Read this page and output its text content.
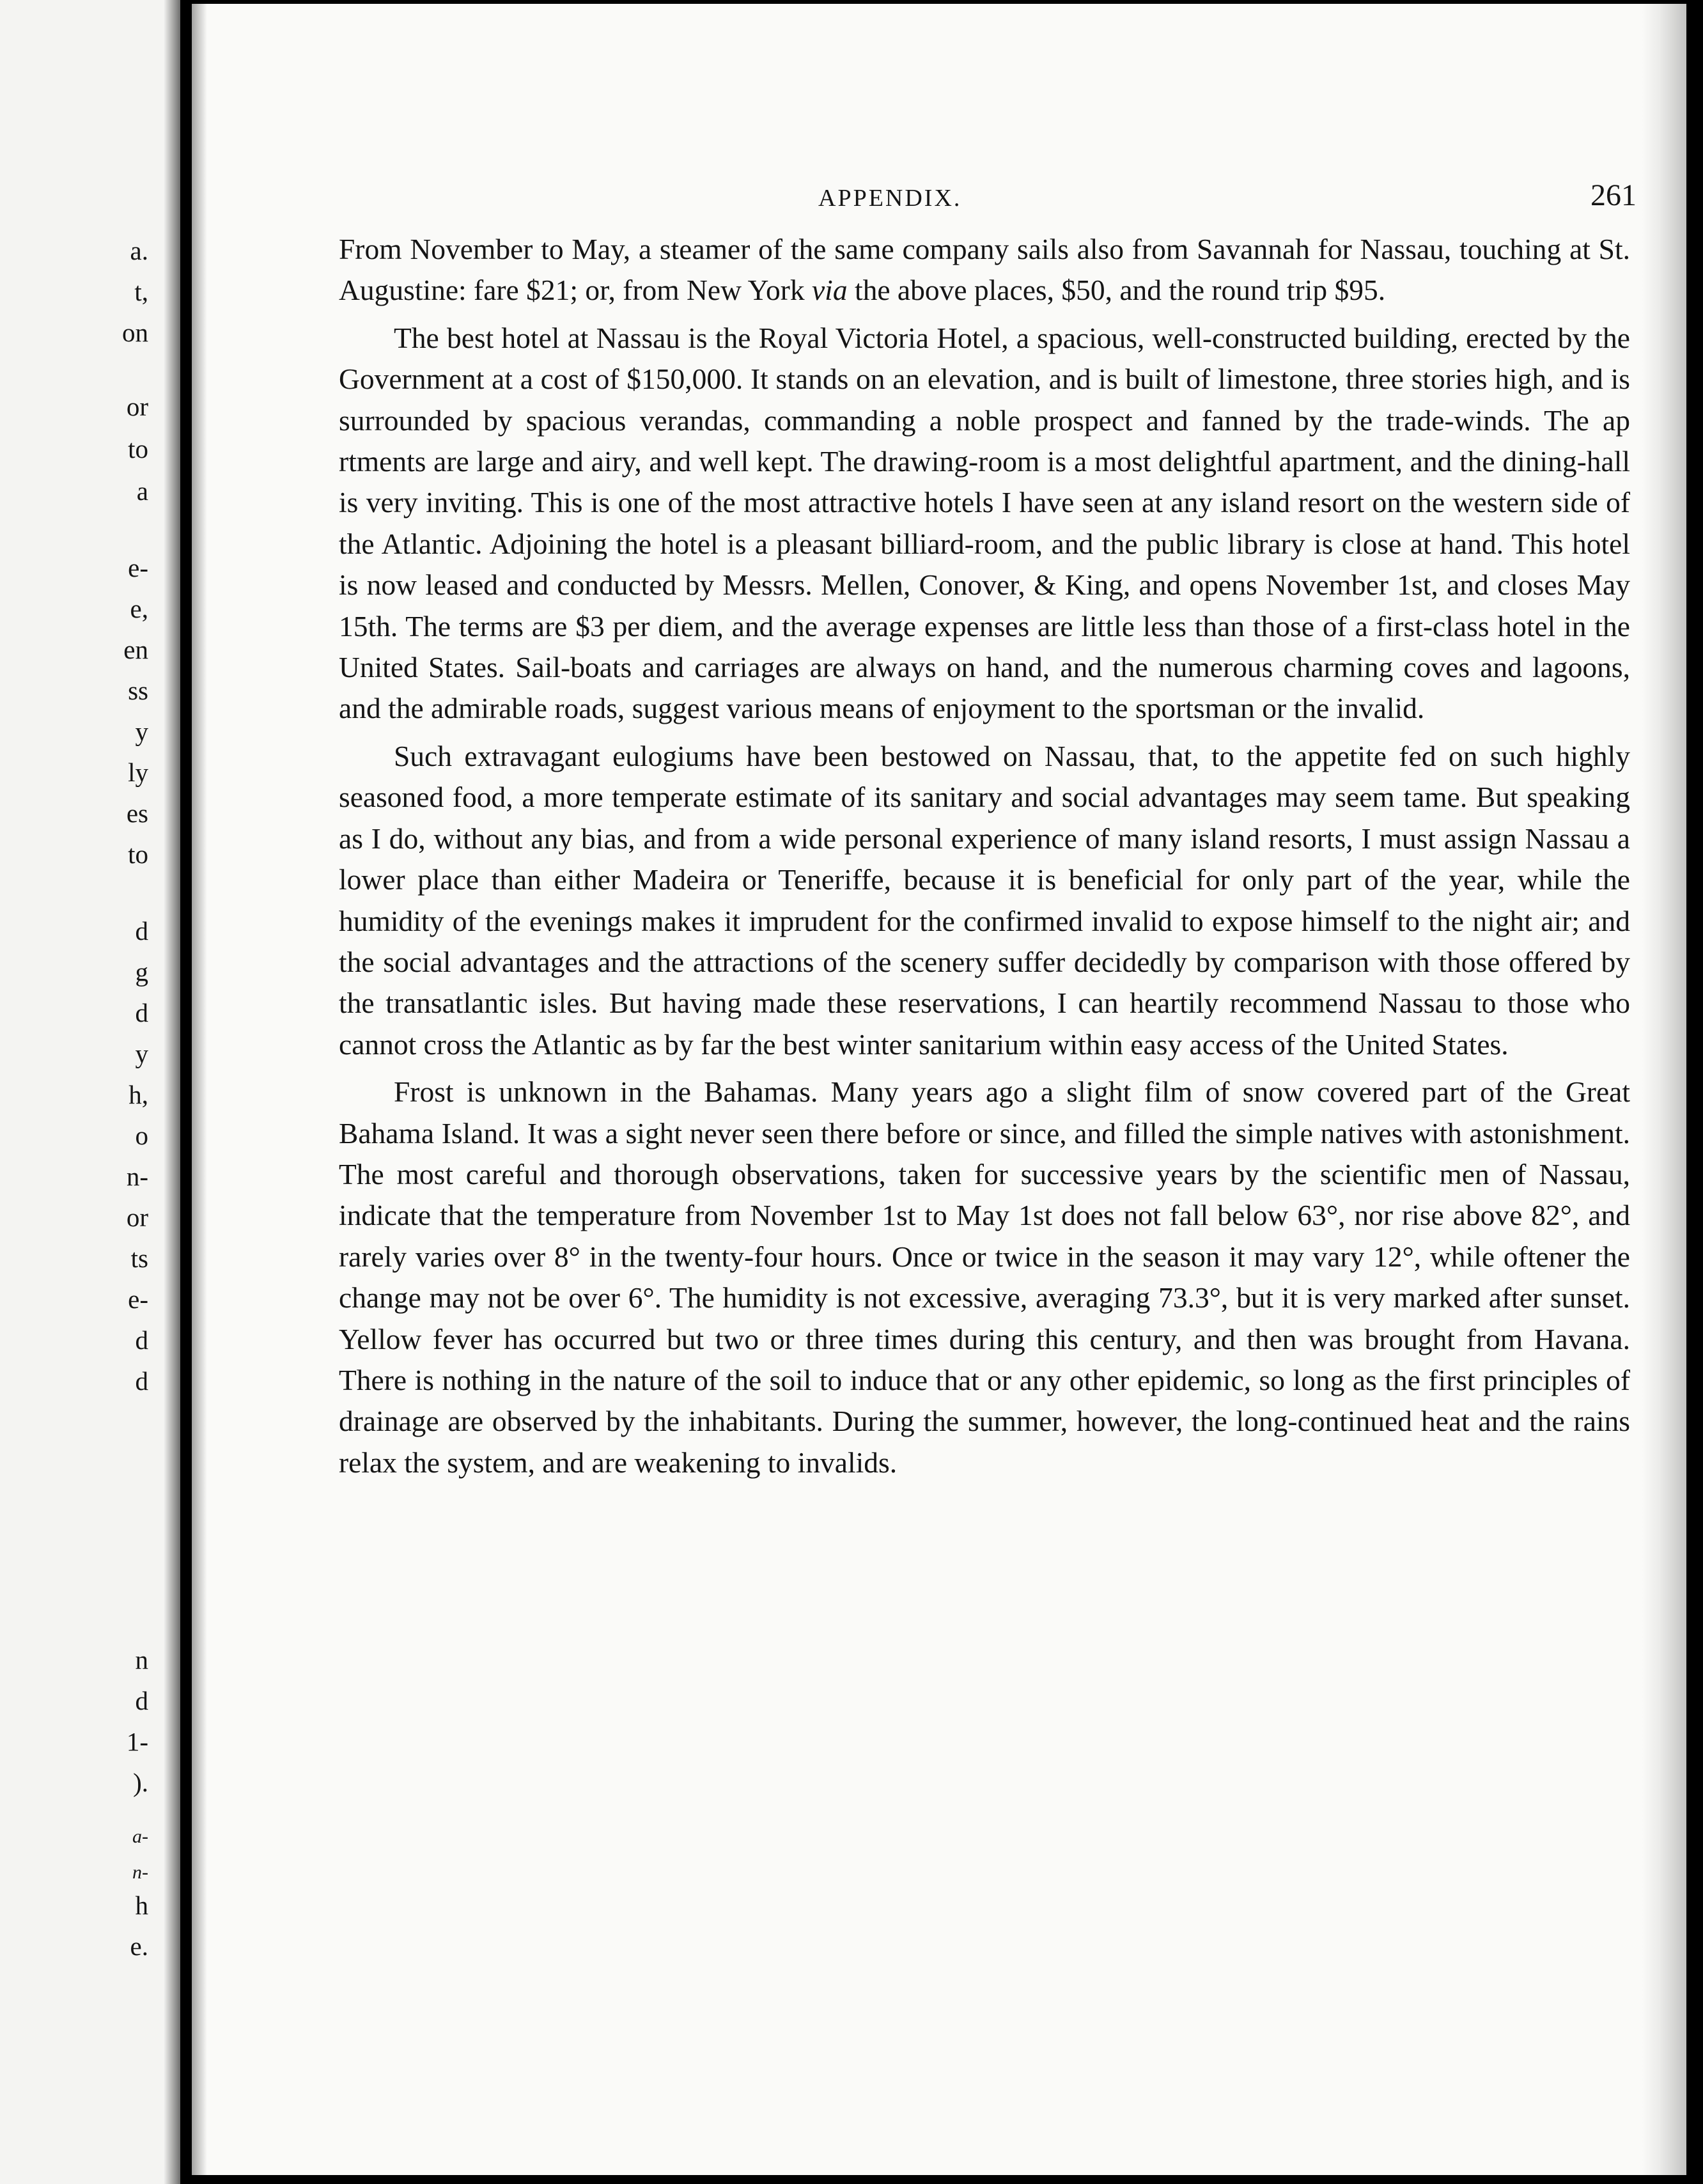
a.
t,
on
or
to
a
e-
e,
en
ss
y
ly
es
to
d
g
d
y
h,
o
n-
or
ts
e-
d
d
n
d
1-
).
a-
n-
h
e.
APPENDIX.	261

From November to May, a steamer of the same company sails also from Savannah for Nassau, touching at St. Augustine: fare $21; or, from New York via the above places, $50, and the round trip $95.

The best hotel at Nassau is the Royal Victoria Hotel, a spacious, well-constructed building, erected by the Government at a cost of $150,000. It stands on an elevation, and is built of limestone, three stories high, and is surrounded by spacious verandas, commanding a noble prospect and fanned by the trade-winds. The ap rtments are large and airy, and well kept. The drawing-room is a most delightful apartment, and the dining-hall is very inviting. This is one of the most attractive hotels I have seen at any island resort on the western side of the Atlantic. Adjoining the hotel is a pleasant billiard-room, and the public library is close at hand. This hotel is now leased and conducted by Messrs. Mellen, Conover, & King, and opens November 1st, and closes May 15th. The terms are $3 per diem, and the average expenses are little less than those of a first-class hotel in the United States. Sail-boats and carriages are always on hand, and the numerous charming coves and lagoons, and the admirable roads, suggest various means of enjoyment to the sportsman or the invalid.

Such extravagant eulogiums have been bestowed on Nassau, that, to the appetite fed on such highly seasoned food, a more temperate estimate of its sanitary and social advantages may seem tame. But speaking as I do, without any bias, and from a wide personal experience of many island resorts, I must assign Nassau a lower place than either Madeira or Teneriffe, because it is beneficial for only part of the year, while the humidity of the evenings makes it imprudent for the confirmed invalid to expose himself to the night air; and the social advantages and the attractions of the scenery suffer decidedly by comparison with those offered by the transatlantic isles. But having made these reservations, I can heartily recommend Nassau to those who cannot cross the Atlantic as by far the best winter sanitarium within easy access of the United States.

Frost is unknown in the Bahamas. Many years ago a slight film of snow covered part of the Great Bahama Island. It was a sight never seen there before or since, and filled the simple natives with astonishment. The most careful and thorough observations, taken for successive years by the scientific men of Nassau, indicate that the temperature from November 1st to May 1st does not fall below 63°, nor rise above 82°, and rarely varies over 8° in the twenty-four hours. Once or twice in the season it may vary 12°, while oftener the change may not be over 6°. The humidity is not excessive, averaging 73.3°, but it is very marked after sunset. Yellow fever has occurred but two or three times during this century, and then was brought from Havana. There is nothing in the nature of the soil to induce that or any other epidemic, so long as the first principles of drainage are observed by the inhabitants. During the summer, however, the long-continued heat and the rains relax the system, and are weakening to invalids.
